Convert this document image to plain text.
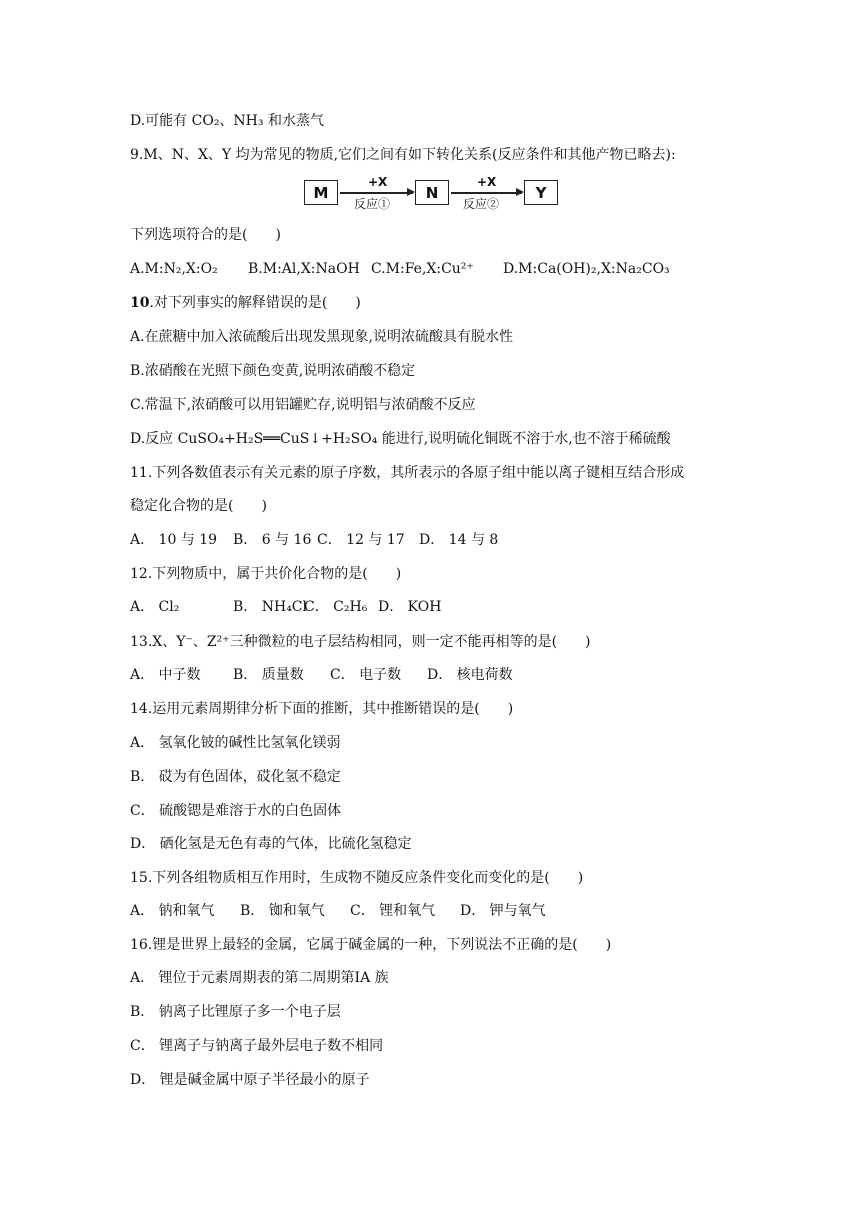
D.可能有 CO₂、NH₃ 和水蒸气
9.M、N、X、Y 均为常见的物质,它们之间有如下转化关系(反应条件和其他产物已略去):
M
+X
反应①
N
+X
反应②
Y
下列选项符合的是(　　)
A.M:N₂,X:O₂ B.M:Al,X:NaOH C.M:Fe,X:Cu²⁺ D.M:Ca(OH)₂,X:Na₂CO₃
10.对下列事实的解释错误的是(　　)
A.在蔗糖中加入浓硫酸后出现发黑现象,说明浓硫酸具有脱水性
B.浓硝酸在光照下颜色变黄,说明浓硝酸不稳定
C.常温下,浓硝酸可以用铝罐贮存,说明铝与浓硝酸不反应
D.反应 CuSO₄+H₂S══CuS↓+H₂SO₄ 能进行,说明硫化铜既不溶于水,也不溶于稀硫酸
11.下列各数值表示有关元素的原子序数，其所表示的各原子组中能以离子键相互结合形成
稳定化合物的是(　　)
A． 10 与 19 B． 6 与 16 C． 12 与 17 D． 14 与 8
12.下列物质中，属于共价化合物的是(　　)
A． Cl₂	B． NH₄ClC． C₂H₆ D． KOH
13.X、Y⁻、Z²⁺三种微粒的电子层结构相同，则一定不能再相等的是(　　)
A． 中子数 B． 质量数 C． 电子数 D． 核电荷数
14.运用元素周期律分析下面的推断，其中推断错误的是(　　)
A． 氢氧化铍的碱性比氢氧化镁弱
B． 砹为有色固体，砹化氢不稳定
C． 硫酸锶是难溶于水的白色固体
D． 硒化氢是无色有毒的气体，比硫化氢稳定
15.下列各组物质相互作用时，生成物不随反应条件变化而变化的是(　　)
A． 钠和氧气 B． 铷和氧气 C． 锂和氧气 D． 钾与氧气
16.锂是世界上最轻的金属，它属于碱金属的一种，下列说法不正确的是(　　)
A． 锂位于元素周期表的第二周期第ⅠA 族
B． 钠离子比锂原子多一个电子层
C． 锂离子与钠离子最外层电子数不相同
D． 锂是碱金属中原子半径最小的原子
